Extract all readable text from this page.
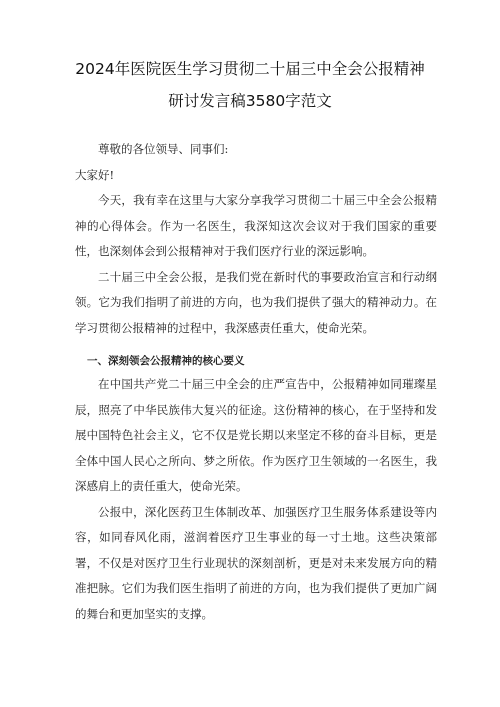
2024年医院医生学习贯彻二十届三中全会公报精神
研讨发言稿3580字范文

尊敬的各位领导、同事们:

大家好!

今天，我有幸在这里与大家分享我学习贯彻二十届三中全会公报精神的心得体会。作为一名医生，我深知这次会议对于我们国家的重要性，也深刻体会到公报精神对于我们医疗行业的深远影响。

二十届三中全会公报，是我们党在新时代的事要政治宣言和行动纲领。它为我们指明了前进的方向，也为我们提供了强大的精神动力。在学习贯彻公报精神的过程中，我深感责任重大，使命光荣。

一、深刻领会公报精神的核心要义

在中国共产党二十届三中全会的庄严宣告中，公报精神如同璀璨星辰，照亮了中华民族伟大复兴的征途。这份精神的核心，在于坚持和发展中国特色社会主义，它不仅是党长期以来坚定不移的奋斗目标，更是全体中国人民心之所向、梦之所依。作为医疗卫生领域的一名医生，我深感肩上的责任重大，使命光荣。

公报中，深化医药卫生体制改革、加强医疗卫生服务体系建设等内容，如同春风化雨，滋润着医疗卫生事业的每一寸土地。这些决策部署，不仅是对医疗卫生行业现状的深刻剖析，更是对未来发展方向的精准把脉。它们为我们医生指明了前进的方向，也为我们提供了更加广阔的舞台和更加坚实的支撑。
